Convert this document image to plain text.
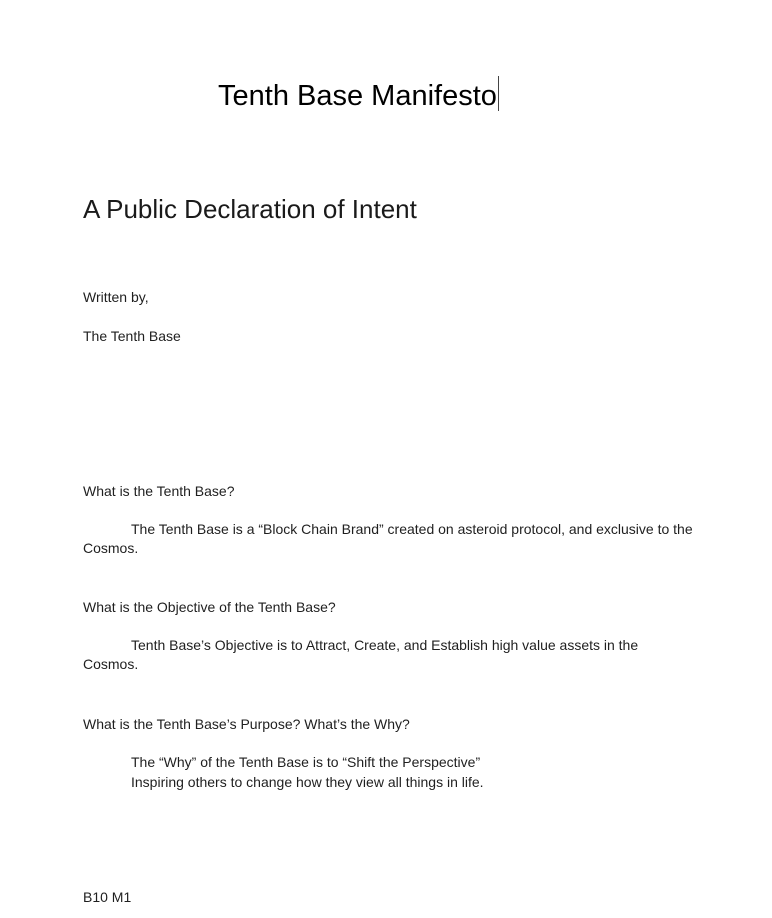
Tenth Base Manifesto
A Public Declaration of Intent
Written by,
The Tenth Base
What is the Tenth Base?
The Tenth Base is a “Block Chain Brand” created on asteroid protocol, and exclusive to the Cosmos.
What is the Objective of the Tenth Base?
Tenth Base’s Objective is to Attract, Create, and Establish high value assets in the Cosmos.
What is the Tenth Base’s Purpose? What’s the Why?
The “Why” of the Tenth Base is to “Shift the Perspective”
Inspiring others to change how they view all things in life.
B10 M1
